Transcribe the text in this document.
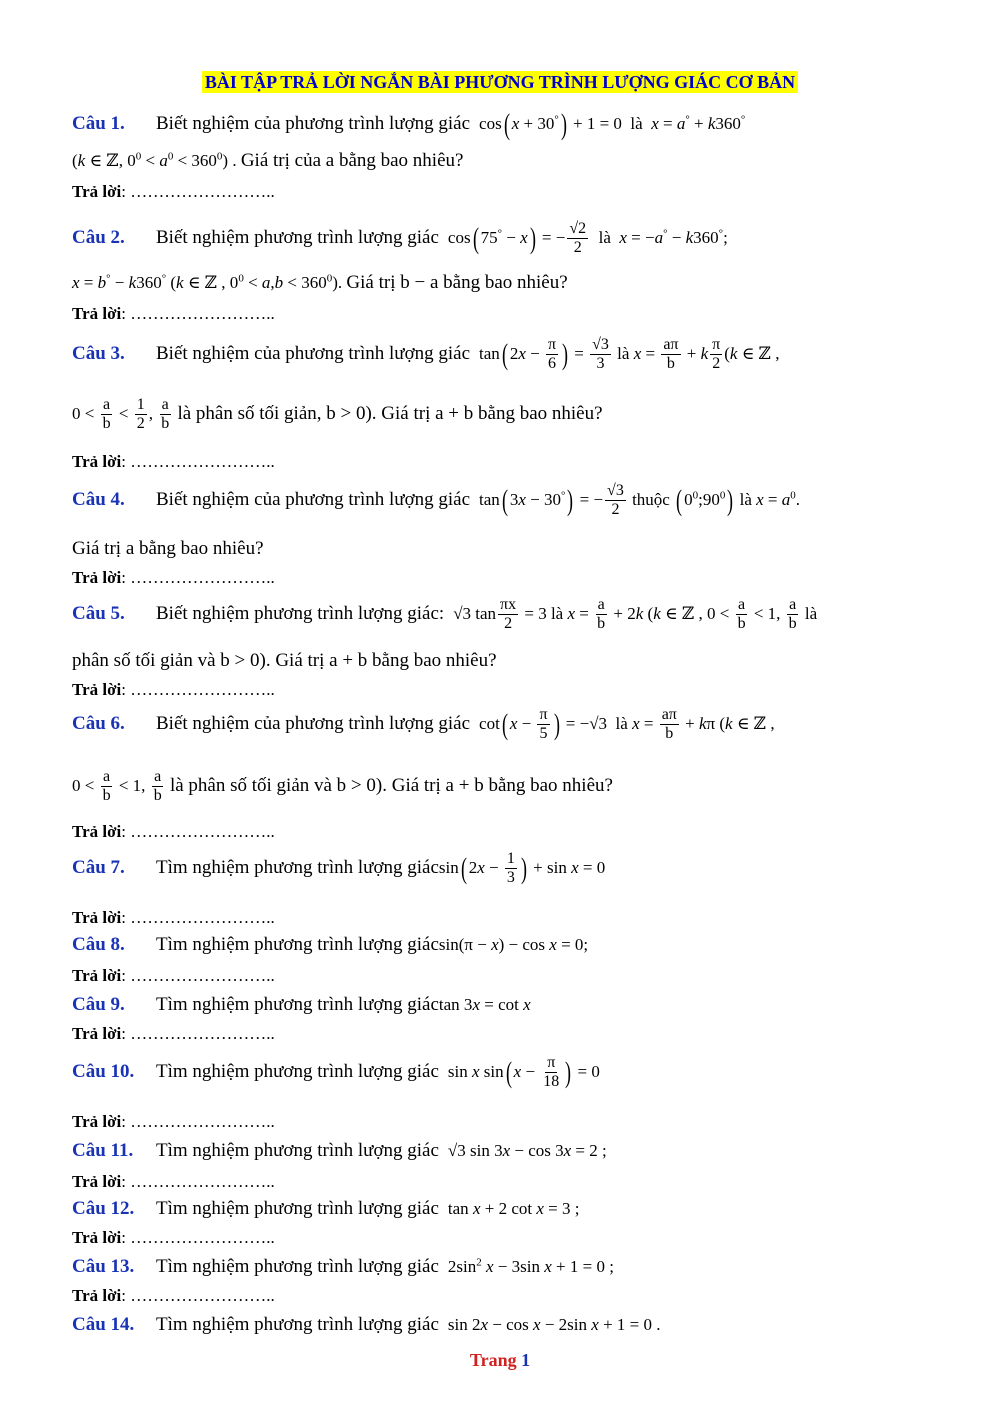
BÀI TẬP TRẢ LỜI NGẮN BÀI PHƯƠNG TRÌNH LƯỢNG GIÁC CƠ BẢN
Câu 1. Biết nghiệm của phương trình lượng giác  cos( x + 30°) + 1 = 0  là  x = a° + k360°
(k ∈ ℤ, $0^0 < a^0 < 360^0$) . Giá trị của a bằng bao nhiêu?
Trả lời: ……………………..
Câu 2. Biết nghiệm phương trình lượng giác  cos( 75° − x) = − $\frac{√2}{2}$ là  x = −a° − k360°;
x = b° − k360° (k ∈ ℤ , $0^0 < a,b < 360^0$). Giá trị b − a bằng bao nhiêu?
Trả lời: ……………………..
Câu 3. Biết nghiệm của phương trình lượng giác  tan( $2x - \frac{\pi}{6}$ ) = $\frac{√3}{3}$ là $x = \frac{a\pi}{b} + k \frac{\pi}{2} (k$ ∈ ℤ ,
$0 < \frac{a}{b} < \frac{1}{2}$ , $\frac{a}{b}$ là phân số tối giản, b > 0). Giá trị a + b bằng bao nhiêu?
Trả lời: ……………………..
Câu 4. Biết nghiệm của phương trình lượng giác  tan( 3x − 30°) = − $\frac{√3}{2}$ thuộc ( $0^0;90^0$) là $x = a^0$.
Giá trị a bằng bao nhiêu?
Trả lời: ……………………..
Câu 5. Biết nghiệm phương trình lượng giác:  √3 $\tan \frac{\pi x}{2} = 3$ là $x = \frac{a}{b} + 2k$ (k ∈ ℤ , $0 < \frac{a}{b} < 1$, $\frac{a}{b}$ là
phân số tối giản và b > 0). Giá trị a + b bằng bao nhiêu?
Trả lời: ……………………..
Câu 6. Biết nghiệm của phương trình lượng giác  cot( $x - \frac{\pi}{5}$ ) = −√3  là $x = \frac{a\pi}{b} + k\pi$ (k ∈ ℤ ,
$0 < \frac{a}{b} < 1$, $\frac{a}{b}$ là phân số tối giản và b > 0). Giá trị a + b bằng bao nhiêu?
Trả lời: ……………………..
Câu 7. Tìm nghiệm phương trình lượng giácsin( $2x - \frac{1}{3}$ ) + sin x = 0
Trả lời: ……………………..
Câu 8. Tìm nghiệm phương trình lượng giácsin(π − x) − cos x = 0;
Trả lời: ……………………..
Câu 9. Tìm nghiệm phương trình lượng giáctan 3x = cot x
Trả lời: ……………………..
Câu 10. Tìm nghiệm phương trình lượng giác  sin x sin( $x - \frac{\pi}{18}$ ) = 0
Trả lời: ……………………..
Câu 11. Tìm nghiệm phương trình lượng giác  √3 sin 3x − cos 3x = 2 ;
Trả lời: ……………………..
Câu 12. Tìm nghiệm phương trình lượng giác  tan x + 2 cot x = 3 ;
Trả lời: ……………………..
Câu 13. Tìm nghiệm phương trình lượng giác  $2\sin^2$ x − 3sin x + 1 = 0 ;
Trả lời: ……………………..
Câu 14. Tìm nghiệm phương trình lượng giác  sin 2x − cos x − 2sin x + 1 = 0 .
Trang 1
